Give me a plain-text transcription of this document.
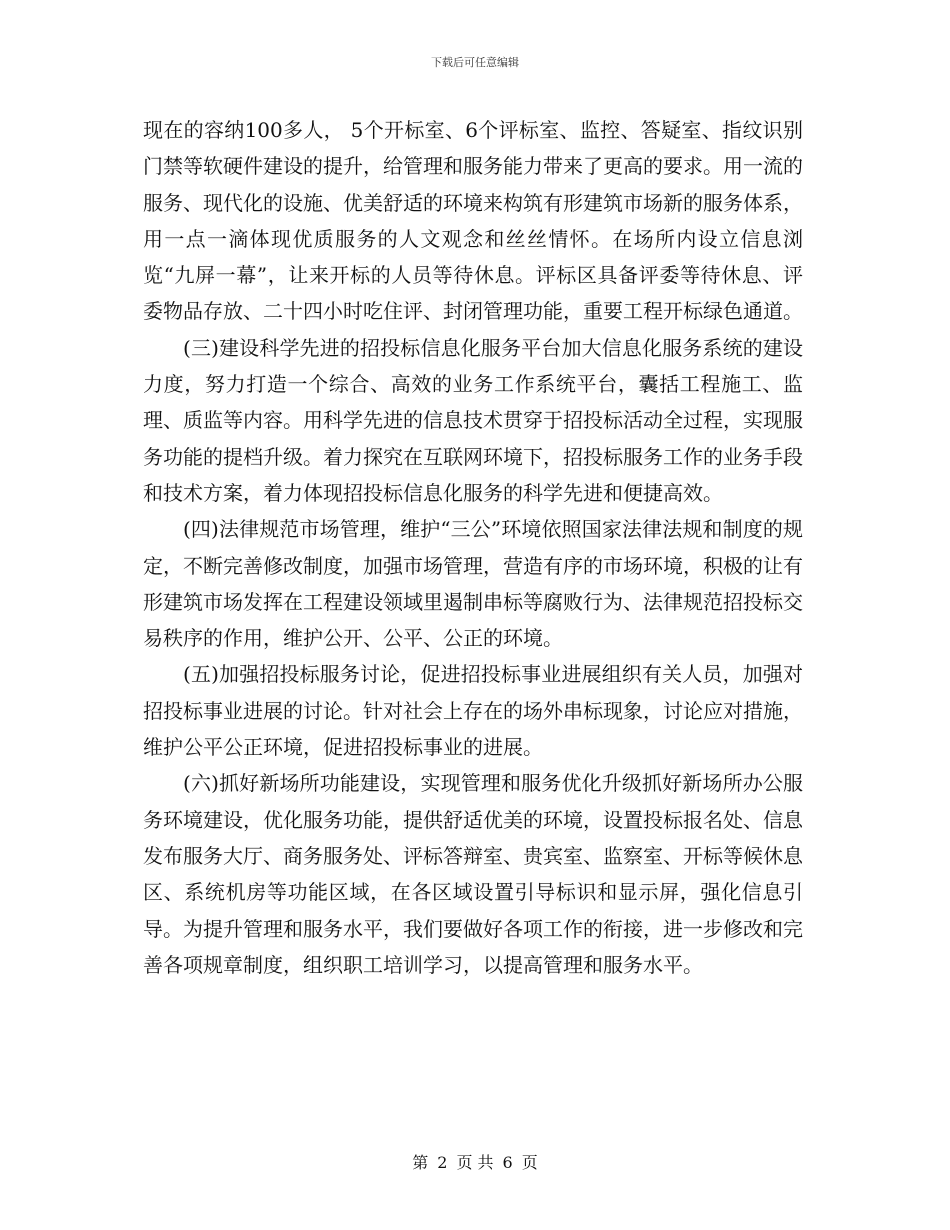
下载后可任意编辑

现在的容纳100多人， 5个开标室、6个评标室、监控、答疑室、指纹识别门禁等软硬件建设的提升，给管理和服务能力带来了更高的要求。用一流的服务、现代化的设施、优美舒适的环境来构筑有形建筑市场新的服务体系，用一点一滴体现优质服务的人文观念和丝丝情怀。在场所内设立信息浏览“九屏一幕”，让来开标的人员等待休息。评标区具备评委等待休息、评委物品存放、二十四小时吃住评、封闭管理功能，重要工程开标绿色通道。

(三)建设科学先进的招投标信息化服务平台加大信息化服务系统的建设力度，努力打造一个综合、高效的业务工作系统平台，囊括工程施工、监理、质监等内容。用科学先进的信息技术贯穿于招投标活动全过程，实现服务功能的提档升级。着力探究在互联网环境下，招投标服务工作的业务手段和技术方案，着力体现招投标信息化服务的科学先进和便捷高效。

(四)法律规范市场管理，维护“三公”环境依照国家法律法规和制度的规定，不断完善修改制度，加强市场管理，营造有序的市场环境，积极的让有形建筑市场发挥在工程建设领域里遏制串标等腐败行为、法律规范招投标交易秩序的作用，维护公开、公平、公正的环境。

(五)加强招投标服务讨论，促进招投标事业进展组织有关人员，加强对招投标事业进展的讨论。针对社会上存在的场外串标现象，讨论应对措施，维护公平公正环境，促进招投标事业的进展。

(六)抓好新场所功能建设，实现管理和服务优化升级抓好新场所办公服务环境建设，优化服务功能，提供舒适优美的环境，设置投标报名处、信息发布服务大厅、商务服务处、评标答辩室、贵宾室、监察室、开标等候休息区、系统机房等功能区域，在各区域设置引导标识和显示屏，强化信息引导。为提升管理和服务水平，我们要做好各项工作的衔接，进一步修改和完善各项规章制度，组织职工培训学习，以提高管理和服务水平。

第 2 页 共 6 页
